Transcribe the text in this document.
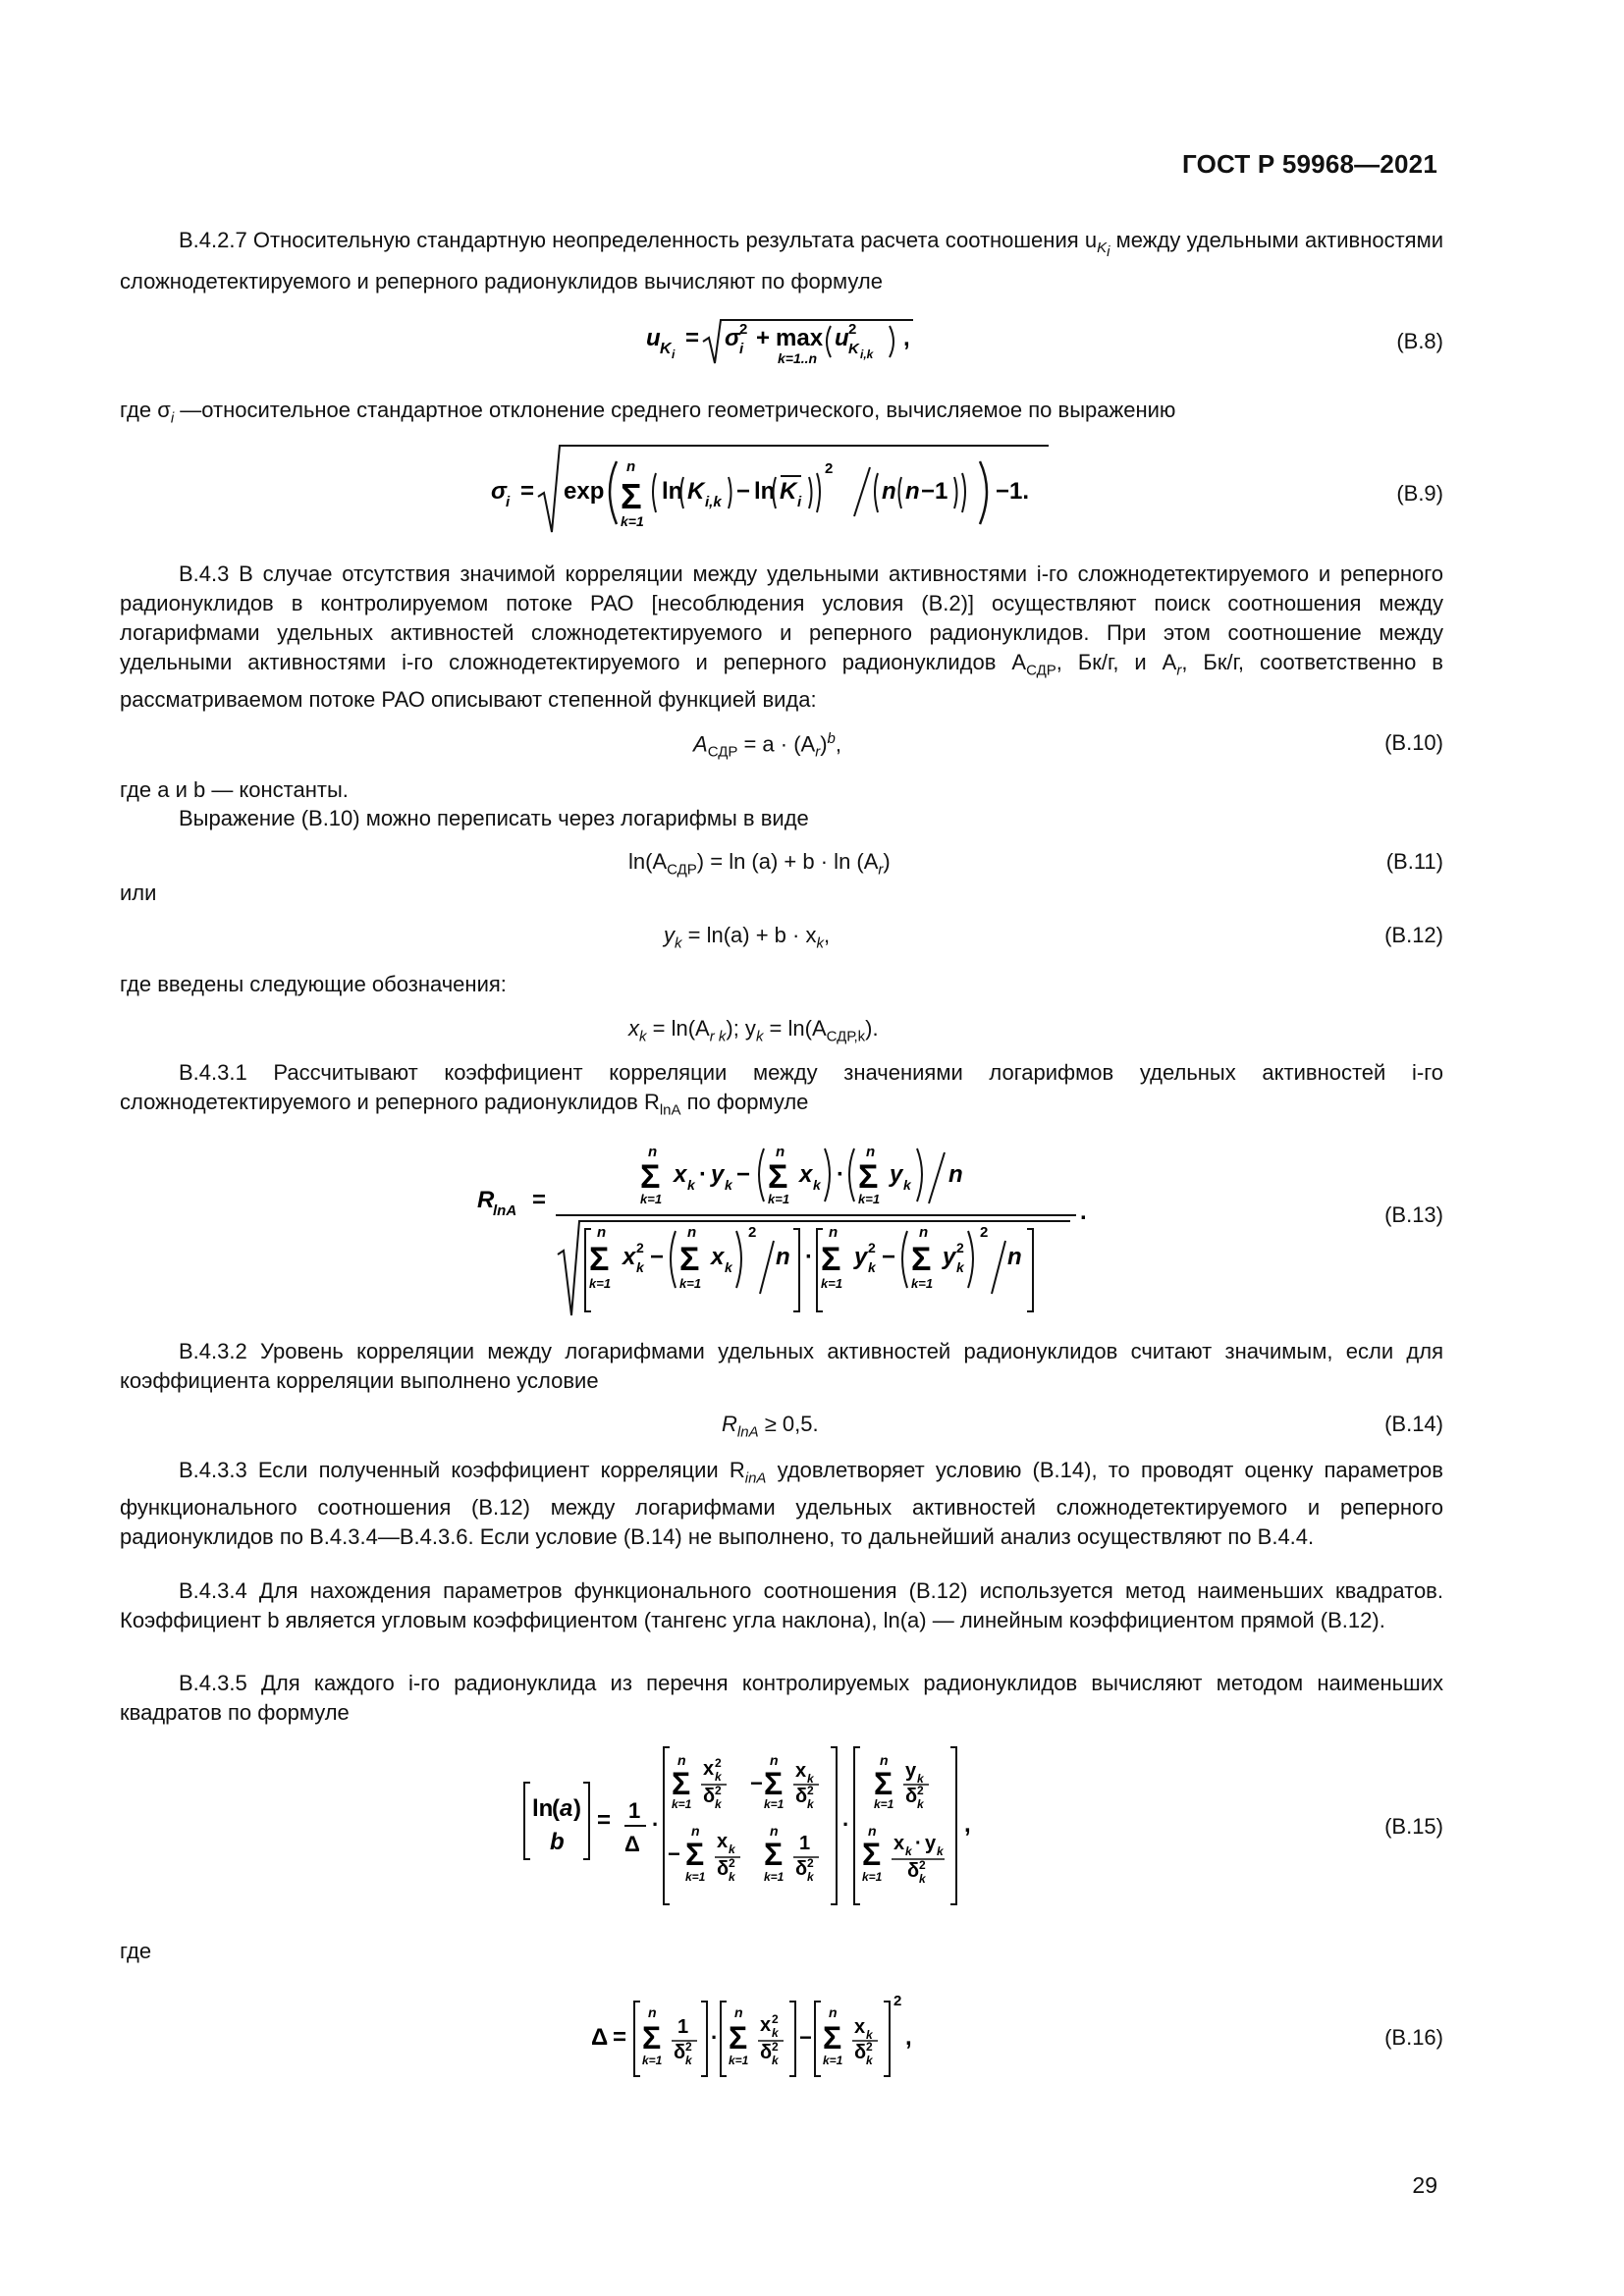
ГОСТ Р 59968—2021
В.4.2.7 Относительную стандартную неопределенность результата расчета соотношения $u_{K_i}$ между удельными активностями сложнодетектируемого и реперного радионуклидов вычисляют по формуле
u K i
= σ i
2 + max
k=1..n
u 2
K i,k
,	(В.8)
где $\sigma_i$ —относительное стандартное отклонение среднего геометрического, вычисляемое по выражению
σ i = exp
n
Σ
k=1
ln K i,k − ln K i
2
n n −1 −1.	(В.9)
В.4.3 В случае отсутствия значимой корреляции между удельными активностями i-го сложнодетектируемого и реперного радионуклидов в контролируемом потоке РАО [несоблюдения условия (В.2)] осуществляют поиск соотношения между логарифмами удельных активностей сложнодетектируемого и реперного радионуклидов. При этом соотношение между удельными активностями i-го сложнодетектируемого и реперного радионуклидов $A_{СДР}$, Бк/г, и $A_r$, Бк/г, соответственно в рассматриваемом потоке РАО описывают степенной функцией вида:
$A_{СДР} = a \cdot (A_r)^b$,	(В.10)
где a и b — константы.
Выражение (В.10) можно переписать через логарифмы в виде
$\ln(A_{СДР}) = \ln (a) + b \cdot \ln (A_r)$	(В.11)
или
$y_k = \ln(a) + b \cdot x_k$,	(В.12)
где введены следующие обозначения:
$x_k = \ln(A_{r k})$; $y_k = \ln(A_{СДР,k})$.
В.4.3.1 Рассчитывают коэффициент корреляции между значениями логарифмов удельных активностей i-го сложнодетектируемого и реперного радионуклидов $R_{lnA}$ по формуле
R
lnA =
n
Σ
k=1
x k · y k −
n
Σ
k=1
x k ·
n
Σ
k=1
y k n
.
n
Σ
k=1
x 2
k −
n
Σ
k=1
x k
2
n ·
n
Σ
k=1
y 2
k −
n
Σ
k=1
y 2
k
2
n
(В.13)
В.4.3.2 Уровень корреляции между логарифмами удельных активностей радионуклидов считают значимым, если для коэффициента корреляции выполнено условие
$R_{lnA} \ge 0,5$.	(В.14)
В.4.3.3 Если полученный коэффициент корреляции $R_{inA}$ удовлетворяет условию (В.14), то проводят оценку параметров функционального соотношения (В.12) между логарифмами удельных активностей сложнодетектируемого и реперного радионуклидов по В.4.3.4—В.4.3.6. Если условие (В.14) не выполнено, то дальнейший анализ осуществляют по В.4.4.
В.4.3.4 Для нахождения параметров функционального соотношения (В.12) используется метод наименьших квадратов. Коэффициент b является угловым коэффициентом (тангенс угла наклона), ln(a) — линейным коэффициентом прямой (В.12).
В.4.3.5 Для каждого i-го радионуклида из перечня контролируемых радионуклидов вычисляют методом наименьших квадратов по формуле
ln
( a )
b
= 1
Δ
·
n
Σ
k=1
x 2
k
δ 2
k
−
n
Σ
k=1
x k
δ 2
k
−
n
Σ
k=1
x k
δ 2
k
n
Σ
k=1
1
δ 2
k
·
n
Σ
k=1
y k
δ 2
k
n
Σ
k=1
x k · y k
δ 2
k
,	(В.15)
где
Δ =
n
Σ
k=1
1
δ 2
k
·
n
Σ
k=1
x 2
k
δ 2
k
−
n
Σ
k=1
x k
δ 2
k
2
,	(В.16)
29
